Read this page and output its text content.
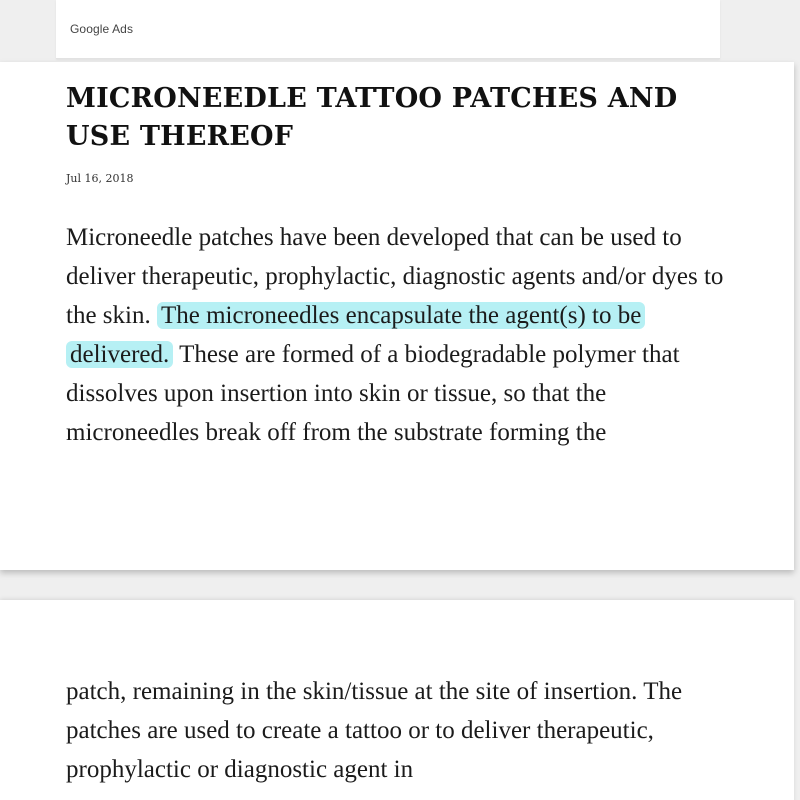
Google Ads
MICRONEEDLE TATTOO PATCHES AND USE THEREOF
Jul 16, 2018

Microneedle patches have been developed that can be used to deliver therapeutic, prophylactic, diagnostic agents and/or dyes to the skin. The microneedles encapsulate the agent(s) to be delivered. These are formed of a biodegradable polymer that dissolves upon insertion into skin or tissue, so that the microneedles break off from the substrate forming the

patch, remaining in the skin/tissue at the site of insertion. The patches are used to create a tattoo or to deliver therapeutic, prophylactic or diagnostic agent in
